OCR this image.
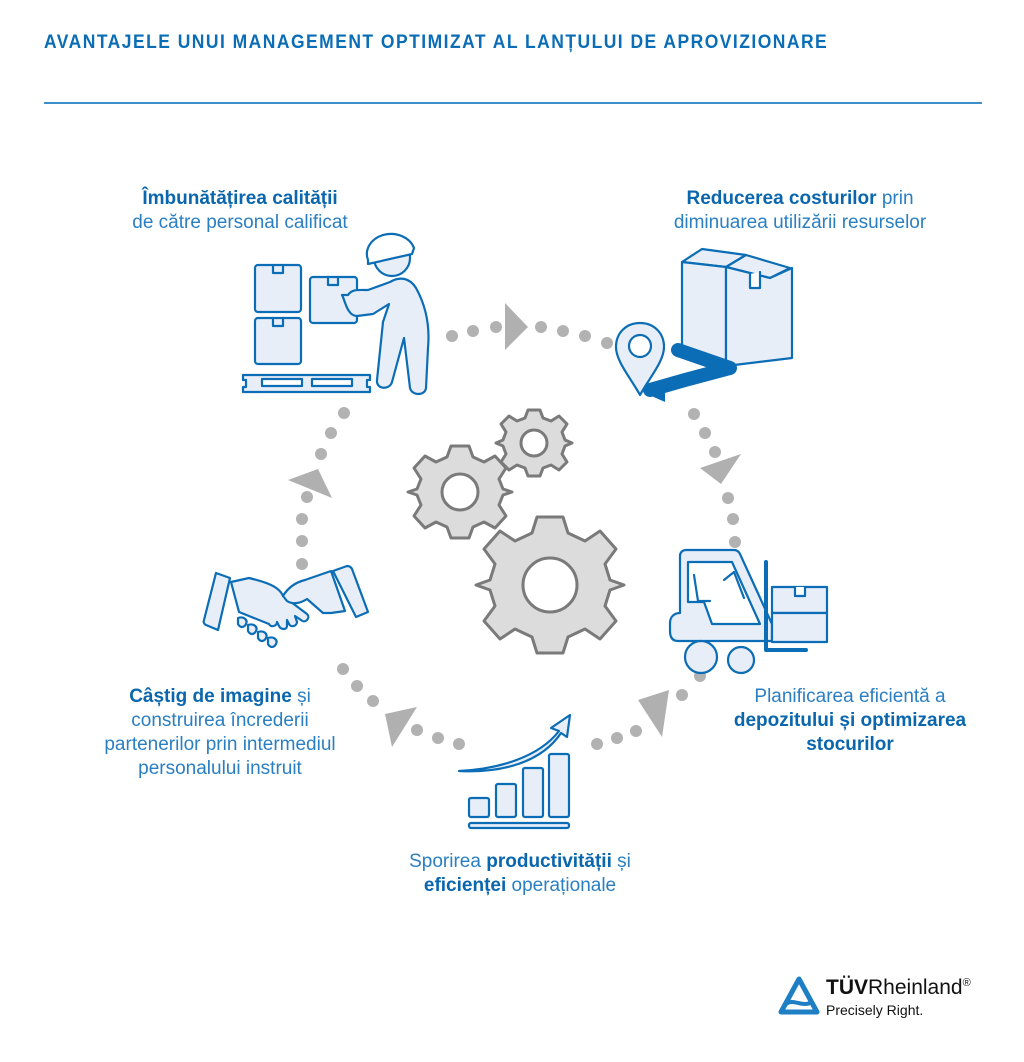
AVANTAJELE UNUI MANAGEMENT OPTIMIZAT AL LANȚULUI DE APROVIZIONARE
Îmbunătățirea calității
de către personal calificat
Reducerea costurilor prin
diminuarea utilizării resurselor
Planificarea eficientă a
depozitului și optimizarea
stocurilor
Sporirea productivității și
eficienței operaționale
Câștig de imagine și
construirea încrederii
partenerilor prin intermediul
personalului instruit
TÜVRheinland®
Precisely Right.
